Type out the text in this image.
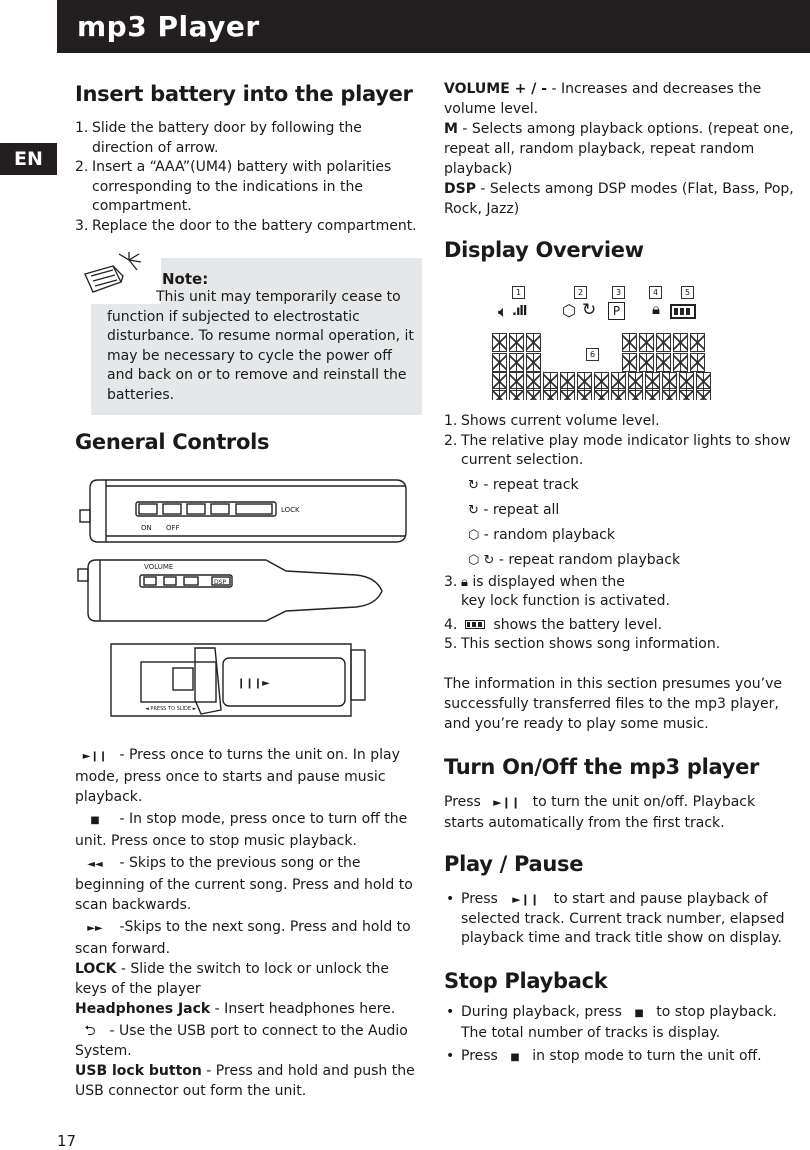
mp3 Player
EN
Insert battery into the player
1. Slide the battery door by following the direction of arrow.
2. Insert a “AAA”(UM4) battery with polarities corresponding to the indications in the compartment.
3. Replace the door to the battery compartment.
Note:
This unit may temporarily cease to
function if subjected to electrostatic disturbance. To resume normal operation, it may be necessary to cycle the power off and back on or to remove and reinstall the batteries.
General Controls
ON OFF
LOCK
VOLUME
DSP
❙❙❙►
◄ PRESS TO SLIDE ►

►❙❙ - Press once to turns the unit on. In play mode, press once to starts and pause music playback.

■ - In stop mode, press once to turn off the unit. Press once to stop music playback.

◄◄ - Skips to the previous song or the beginning of the current song. Press and hold to scan backwards.

►► -Skips to the next song. Press and hold to scan forward.

LOCK - Slide the switch to lock or unlock the keys of the player

Headphones Jack - Insert headphones here.

⮌ - Use the USB port to connect to the Audio System.

USB lock button - Press and hold and push the USB connector out form the unit.

VOLUME + / - - Increases and decreases the volume level.

M - Selects among playback options. (repeat one, repeat all, random playback, repeat random playback)

DSP - Selects among DSP modes (Flat, Bass, Pop, Rock, Jazz)

Display Overview
1	2	3	4	5
6
🔈︎ .ıll ⬡ ↻	P	🔒︎
1. Shows current volume level.
2. The relative play mode indicator lights to show current selection.
↻ - repeat track
↻ - repeat all
⬡ - random playback
⬡ ↻ - repeat random playback
3. 🔒︎ is displayed when the
key lock function is activated.
4. shows the battery level.
5. This section shows song information.

The information in this section presumes you’ve successfully transferred files to the mp3 player, and you’re ready to play some music.

Turn On/Off the mp3 player

Press ►❙❙ to turn the unit on/off. Playback starts automatically from the first track.

Play / Pause
• Press ►❙❙ to start and pause playback of selected track. Current track number, elapsed playback time and track title show on display.
Stop Playback
• During playback, press ■ to stop playback. The total number of tracks is display.
• Press ■ in stop mode to turn the unit off.
17
